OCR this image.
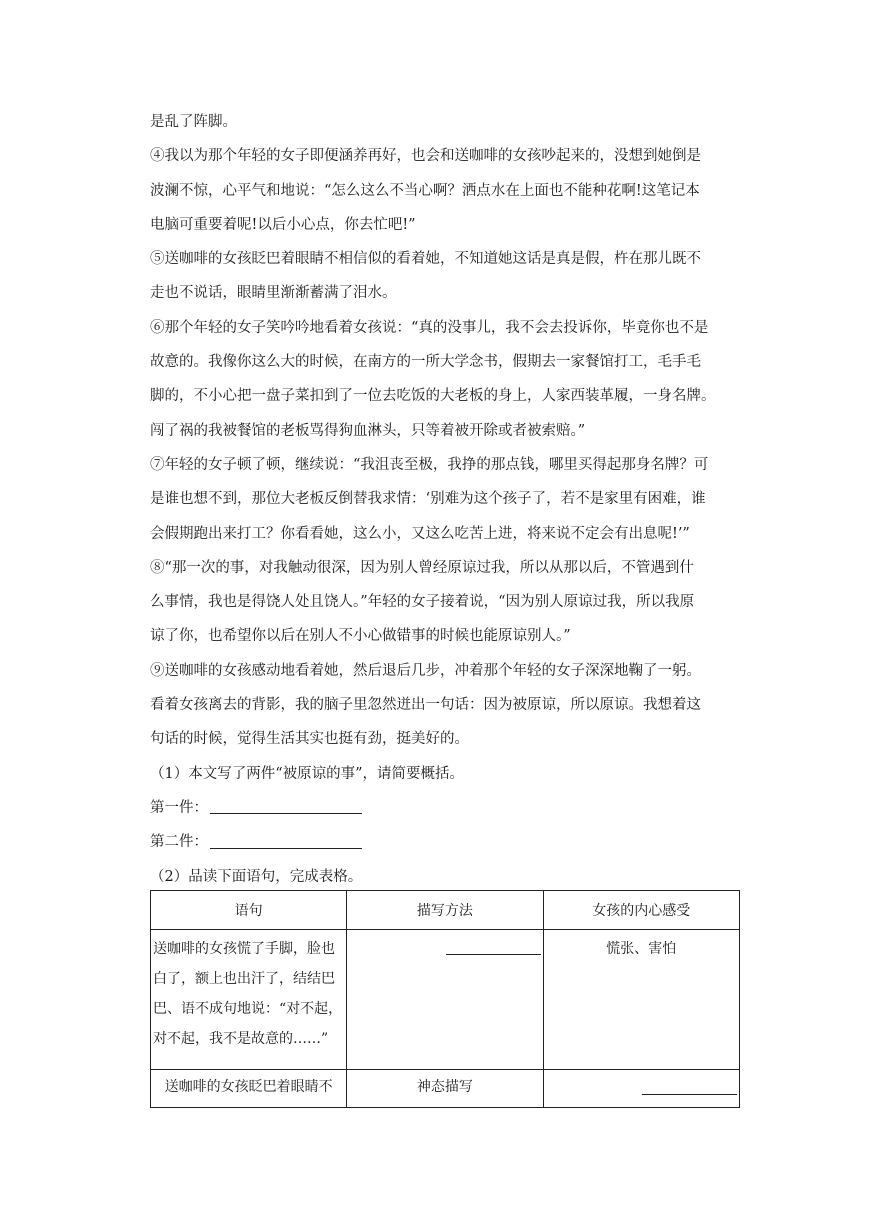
是乱了阵脚。
④我以为那个年轻的女子即便涵养再好，也会和送咖啡的女孩吵起来的，没想到她倒是
波澜不惊，心平气和地说：“怎么这么不当心啊？洒点水在上面也不能种花啊!这笔记本
电脑可重要着呢!以后小心点，你去忙吧!”
⑤送咖啡的女孩眨巴着眼睛不相信似的看着她，不知道她这话是真是假，杵在那儿既不
走也不说话，眼睛里渐渐蓄满了泪水。
⑥那个年轻的女子笑吟吟地看着女孩说：“真的没事儿，我不会去投诉你，毕竟你也不是
故意的。我像你这么大的时候，在南方的一所大学念书，假期去一家餐馆打工，毛手毛
脚的，不小心把一盘子菜扣到了一位去吃饭的大老板的身上，人家西装革履，一身名牌。
闯了祸的我被餐馆的老板骂得狗血淋头，只等着被开除或者被索赔。”
⑦年轻的女子顿了顿，继续说：“我沮丧至极，我挣的那点钱，哪里买得起那身名牌？可
是谁也想不到，那位大老板反倒替我求情：‘别难为这个孩子了，若不是家里有困难，谁
会假期跑出来打工？你看看她，这么小，又这么吃苦上进，将来说不定会有出息呢!’”
⑧“那一次的事，对我触动很深，因为别人曾经原谅过我，所以从那以后，不管遇到什
么事情，我也是得饶人处且饶人。”年轻的女子接着说，“因为别人原谅过我，所以我原
谅了你，也希望你以后在别人不小心做错事的时候也能原谅别人。”
⑨送咖啡的女孩感动地看着她，然后退后几步，冲着那个年轻的女子深深地鞠了一躬。
看着女孩离去的背影，我的脑子里忽然迸出一句话：因为被原谅，所以原谅。我想着这
句话的时候，觉得生活其实也挺有劲，挺美好的。
（1）本文写了两件“被原谅的事”，请简要概括。
第一件：
第二件：
（2）品读下面语句，完成表格。
语句	描写方法	女孩的内心感受

送咖啡的女孩慌了手脚，脸也
白了，额上也出汗了，结结巴
巴、语不成句地说：“对不起，
对不起，我不是故意的……”		慌张、害怕

送咖啡的女孩眨巴着眼睛不	神态描写	
